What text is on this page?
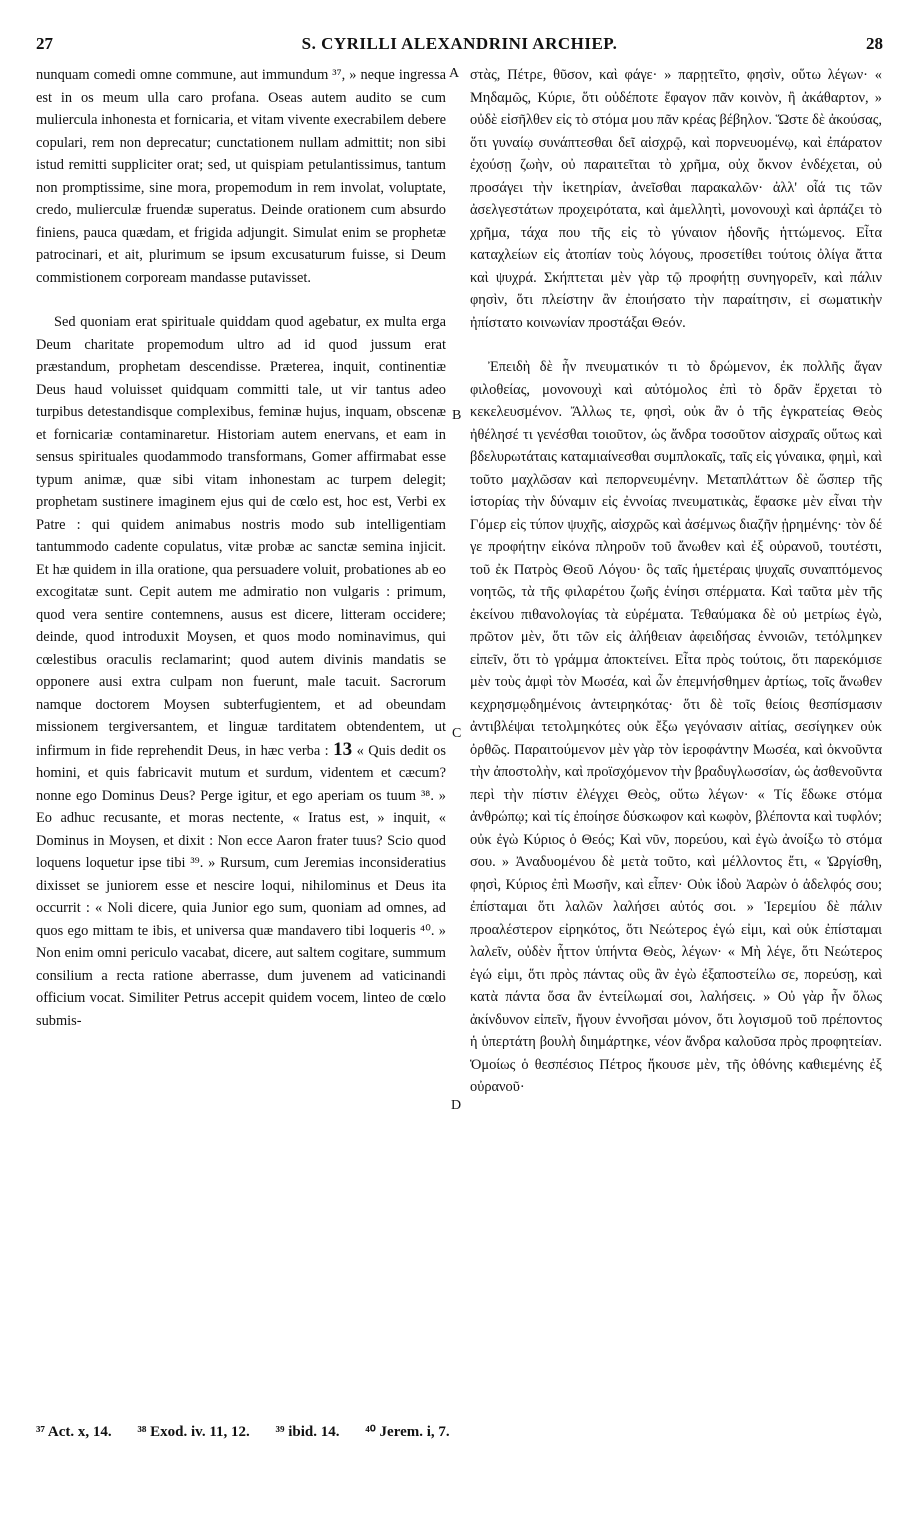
27	S. CYRILLI ALEXANDRINI ARCHIEP.	28

nunquam comedi omne commune, aut immundum ³⁷, » neque ingressa est in os meum ulla caro profana. Oseas autem audito se cum muliercula inhonesta et fornicaria, et vitam vivente execrabilem debere copulari, rem non deprecatur; cunctationem nullam admittit; non sibi istud remitti suppliciter orat; sed, ut quispiam petulantissimus, tantum non promptissime, sine mora, propemodum in rem involat, voluptate, credo, mulierculæ fruendæ superatus. Deinde orationem cum absurdo finiens, pauca quædam, et frigida adjungit. Simulat enim se prophetæ patrocinari, et ait, plurimum se ipsum excusaturum fuisse, si Deum commistionem corpoream mandasse putavisset.

Sed quoniam erat spirituale quiddam quod agebatur, ex multa erga Deum charitate propemodum ultro ad id quod jussum erat præstandum, prophetam descendisse. Præterea, inquit, continentiæ Deus haud voluisset quidquam committi tale, ut vir tantus adeo turpibus detestandisque complexibus, feminæ hujus, inquam, obscenæ et fornicariæ contaminaretur. Historiam autem enervans, et eam in sensus spirituales quodammodo transformans, Gomer affirmabat esse typum animæ, quæ sibi vitam inhonestam ac turpem delegit; prophetam sustinere imaginem ejus qui de cœlo est, hoc est, Verbi ex Patre : qui quidem animabus nostris modo sub intelligentiam tantummodo cadente copulatus, vitæ probæ ac sanctæ semina injicit. Et hæ quidem in illa oratione, qua persuadere voluit, probationes ab eo excogitatæ sunt. Cepit autem me admiratio non vulgaris : primum, quod vera sentire contemnens, ausus est dicere, litteram occidere; deinde, quod introduxit Moysen, et quos modo nominavimus, qui cœlestibus oraculis reclamarint; quod autem divinis mandatis se opponere ausi extra culpam non fuerunt, male tacuit. Sacrorum namque doctorem Moysen subterfugientem, et ad obeundam missionem tergiversantem, et linguæ tarditatem obtendentem, ut infirmum in fide reprehendit Deus, in hæc verba : 13 « Quis dedit os homini, et quis fabricavit mutum et surdum, videntem et cæcum? nonne ego Dominus Deus? Perge igitur, et ego aperiam os tuum ³⁸. » Eo adhuc recusante, et moras nectente, « Iratus est, » inquit, « Dominus in Moysen, et dixit : Non ecce Aaron frater tuus? Scio quod loquens loquetur ipse tibi ³⁹. » Rursum, cum Jeremias inconsideratius dixisset se juniorem esse et nescire loqui, nihilominus et Deus ita occurrit : « Noli dicere, quia Junior ego sum, quoniam ad omnes, ad quos ego mittam te ibis, et universa quæ mandavero tibi loqueris ⁴⁰. » Non enim omni periculo vacabat, dicere, aut saltem cogitare, summum consilium a recta ratione aberrasse, dum juvenem ad vaticinandi officium vocat. Similiter Petrus accepit quidem vocem, linteo de cœlo submis-

A
B
C
D

στὰς, Πέτρε, θῦσον, καὶ φάγε· » παρῃτεῖτο, φησὶν, οὕτω λέγων· « Μηδαμῶς, Κύριε, ὅτι οὐδέποτε ἔφαγον πᾶν κοινὸν, ἢ ἀκάθαρτον, » οὐδὲ εἰσῆλθεν εἰς τὸ στόμα μου πᾶν κρέας βέβηλον. Ὥστε δὲ ἀκούσας, ὅτι γυναίῳ συνάπτεσθαι δεῖ αἰσχρῷ, καὶ πορνευομένῳ, καὶ ἐπάρατον ἐχούσῃ ζωὴν, οὐ παραιτεῖται τὸ χρῆμα, οὐχ ὄκνον ἐνδέχεται, οὐ προσάγει τὴν ἱκετηρίαν, ἀνεῖσθαι παρακαλῶν· ἀλλ' οἷά τις τῶν ἀσελγεστάτων προχειρότατα, καὶ ἀμελλητὶ, μονονουχὶ καὶ ἁρπάζει τὸ χρῆμα, τάχα που τῆς εἰς τὸ γύναιον ἡδονῆς ἡττώμενος. Εἶτα καταχλείων εἰς ἀτοπίαν τοὺς λόγους, προσετίθει τούτοις ὀλίγα ἄττα καὶ ψυχρά. Σκήπτεται μὲν γὰρ τῷ προφήτῃ συνηγορεῖν, καὶ πάλιν φησὶν, ὅτι πλείστην ἂν ἐποιήσατο τὴν παραίτησιν, εἰ σωματικὴν ἠπίστατο κοινωνίαν προστάξαι Θεόν.

Ἐπειδὴ δὲ ἦν πνευματικόν τι τὸ δρώμενον, ἐκ πολλῆς ἄγαν φιλοθείας, μονονουχὶ καὶ αὐτόμολος ἐπὶ τὸ δρᾶν ἔρχεται τὸ κεκελευσμένον. Ἄλλως τε, φησὶ, οὐκ ἂν ὁ τῆς ἐγκρατείας Θεὸς ἠθέλησέ τι γενέσθαι τοιοῦτον, ὡς ἄνδρα τοσοῦτον αἰσχραῖς οὕτως καὶ βδελυρωτάταις καταμιαίνεσθαι συμπλοκαῖς, ταῖς εἰς γύναικα, φημὶ, καὶ τοῦτο μαχλῶσαν καὶ πεπορνευμένην. Μεταπλάττων δὲ ὥσπερ τῆς ἱστορίας τὴν δύναμιν εἰς ἐννοίας πνευματικὰς, ἔφασκε μὲν εἶναι τὴν Γόμερ εἰς τύπον ψυχῆς, αἰσχρῶς καὶ ἀσέμνως διαζῆν ᾑρημένης· τὸν δέ γε προφήτην εἰκόνα πληροῦν τοῦ ἄνωθεν καὶ ἐξ οὐρανοῦ, τουτέστι, τοῦ ἐκ Πατρὸς Θεοῦ Λόγου· ὃς ταῖς ἡμετέραις ψυχαῖς συναπτόμενος νοητῶς, τὰ τῆς φιλαρέτου ζωῆς ἐνίησι σπέρματα. Καὶ ταῦτα μὲν τῆς ἐκείνου πιθανολογίας τὰ εὑρέματα. Τεθαύμακα δὲ οὐ μετρίως ἐγὼ, πρῶτον μὲν, ὅτι τῶν εἰς ἀλήθειαν ἀφειδήσας ἐννοιῶν, τετόλμηκεν εἰπεῖν, ὅτι τὸ γράμμα ἀποκτείνει. Εἶτα πρὸς τούτοις, ὅτι παρεκόμισε μὲν τοὺς ἀμφὶ τὸν Μωσέα, καὶ ὧν ἐπεμνήσθημεν ἀρτίως, τοῖς ἄνωθεν κεχρησμῳδημένοις ἀντειρηκότας· ὅτι δὲ τοῖς θείοις θεσπίσμασιν ἀντιβλέψαι τετολμηκότες οὐκ ἔξω γεγόνασιν αἰτίας, σεσίγηκεν οὐκ ὀρθῶς. Παραιτούμενον μὲν γὰρ τὸν ἱεροφάντην Μωσέα, καὶ ὀκνοῦντα τὴν ἀποστολὴν, καὶ προϊσχόμενον τὴν βραδυγλωσσίαν, ὡς ἀσθενοῦντα περὶ τὴν πίστιν ἐλέγχει Θεὸς, οὕτω λέγων· « Τίς ἔδωκε στόμα ἀνθρώπῳ; καὶ τίς ἐποίησε δύσκωφον καὶ κωφὸν, βλέποντα καὶ τυφλόν; οὐκ ἐγὼ Κύριος ὁ Θεός; Καὶ νῦν, πορεύου, καὶ ἐγὼ ἀνοίξω τὸ στόμα σου. » Ἀναδυομένου δὲ μετὰ τοῦτο, καὶ μέλλοντος ἔτι, « Ὠργίσθη, φησὶ, Κύριος ἐπὶ Μωσῆν, καὶ εἶπεν· Οὐκ ἰδοὺ Ἀαρὼν ὁ ἀδελφός σου; ἐπίσταμαι ὅτι λαλῶν λαλήσει αὐτός σοι. » Ἱερεμίου δὲ πάλιν προαλέστερον εἰρηκότος, ὅτι Νεώτερος ἐγώ εἰμι, καὶ οὐκ ἐπίσταμαι λαλεῖν, οὐδὲν ἧττον ὑπήντα Θεὸς, λέγων· « Μὴ λέγε, ὅτι Νεώτερος ἐγώ εἰμι, ὅτι πρὸς πάντας οὓς ἂν ἐγὼ ἐξαποστείλω σε, πορεύσῃ, καὶ κατὰ πάντα ὅσα ἂν ἐντείλωμαί σοι, λαλήσεις. » Οὐ γὰρ ἦν ὅλως ἀκίνδυνον εἰπεῖν, ἤγουν ἐννοῆσαι μόνον, ὅτι λογισμοῦ τοῦ πρέποντος ἡ ὑπερτάτη βουλὴ διημάρτηκε, νέον ἄνδρα καλοῦσα πρὸς προφητείαν. Ὁμοίως ὁ θεσπέσιος Πέτρος ἤκουσε μὲν, τῆς ὀθόνης καθιεμένης ἐξ οὐρανοῦ·

³⁷ Act. x, 14. ³⁸ Exod. iv. 11, 12. ³⁹ ibid. 14. ⁴⁰ Jerem. i, 7.
